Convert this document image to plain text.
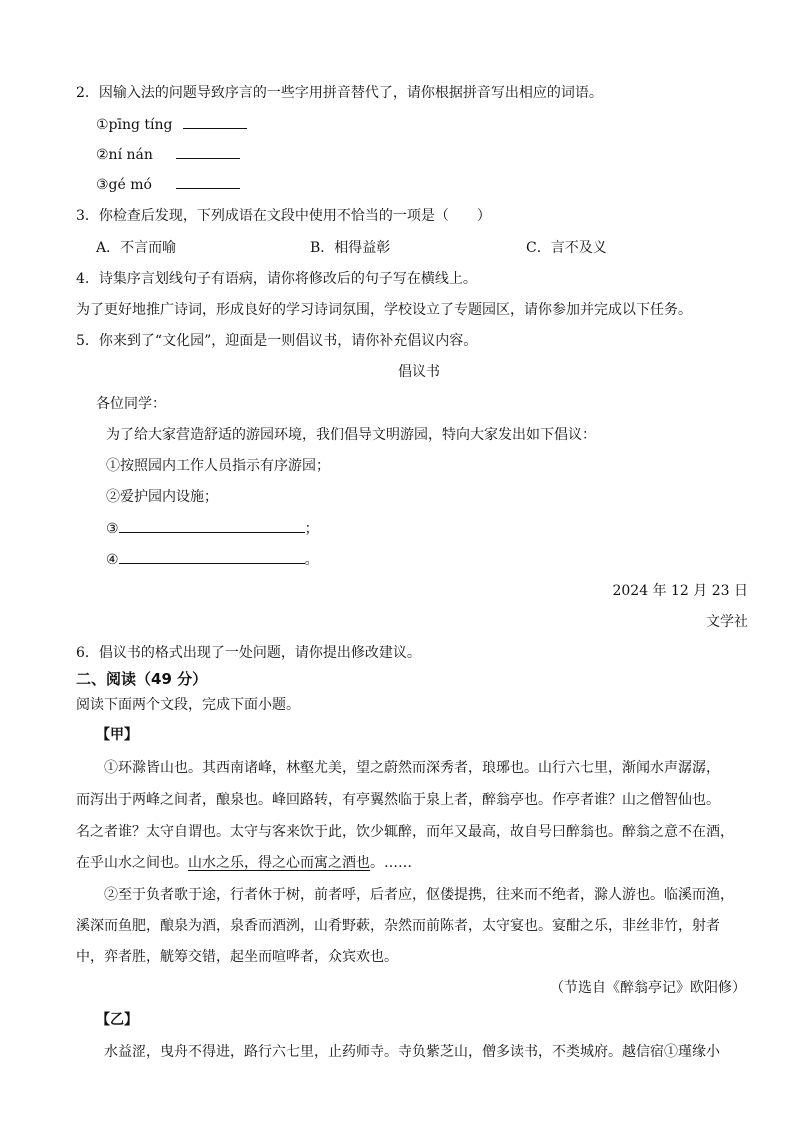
2．因输入法的问题导致序言的一些字用拼音替代了，请你根据拼音写出相应的词语。
①pīng tíng
②ní nán
③gé mó
3．你检查后发现，下列成语在文段中使用不恰当的一项是（　　）
A．不言而喻	B．相得益彰	C．言不及义
4．诗集序言划线句子有语病，请你将修改后的句子写在横线上。
为了更好地推广诗词，形成良好的学习诗词氛围，学校设立了专题园区，请你参加并完成以下任务。
5．你来到了“文化园”，迎面是一则倡议书，请你补充倡议内容。
倡议书
各位同学：
为了给大家营造舒适的游园环境，我们倡导文明游园，特向大家发出如下倡议：
①按照园内工作人员指示有序游园；
②爱护园内设施；
③	；
④	。
2024 年 12 月 23 日
文学社
6．倡议书的格式出现了一处问题，请你提出修改建议。
二、阅读（49 分）
阅读下面两个文段，完成下面小题。
【甲】
①环滁皆山也。其西南诸峰，林壑尤美，望之蔚然而深秀者，琅琊也。山行六七里，渐闻水声潺潺，
而泻出于两峰之间者，酿泉也。峰回路转，有亭翼然临于泉上者，醉翁亭也。作亭者谁？山之僧智仙也。
名之者谁？太守自谓也。太守与客来饮于此，饮少辄醉，而年又最高，故自号曰醉翁也。醉翁之意不在酒，
在乎山水之间也。山水之乐，得之心而寓之酒也。……
②至于负者歌于途，行者休于树，前者呼，后者应，伛偻提携，往来而不绝者，滁人游也。临溪而渔，
溪深而鱼肥，酿泉为酒，泉香而酒洌，山肴野蔌，杂然而前陈者，太守宴也。宴酣之乐，非丝非竹，射者
中，弈者胜，觥筹交错，起坐而喧哗者，众宾欢也。
（节选自《醉翁亭记》欧阳修）
【乙】
水益涩，曳舟不得进，路行六七里，止药师寺。寺负紫芝山，僧多读书，不类城府。越信宿①瑾缘小
